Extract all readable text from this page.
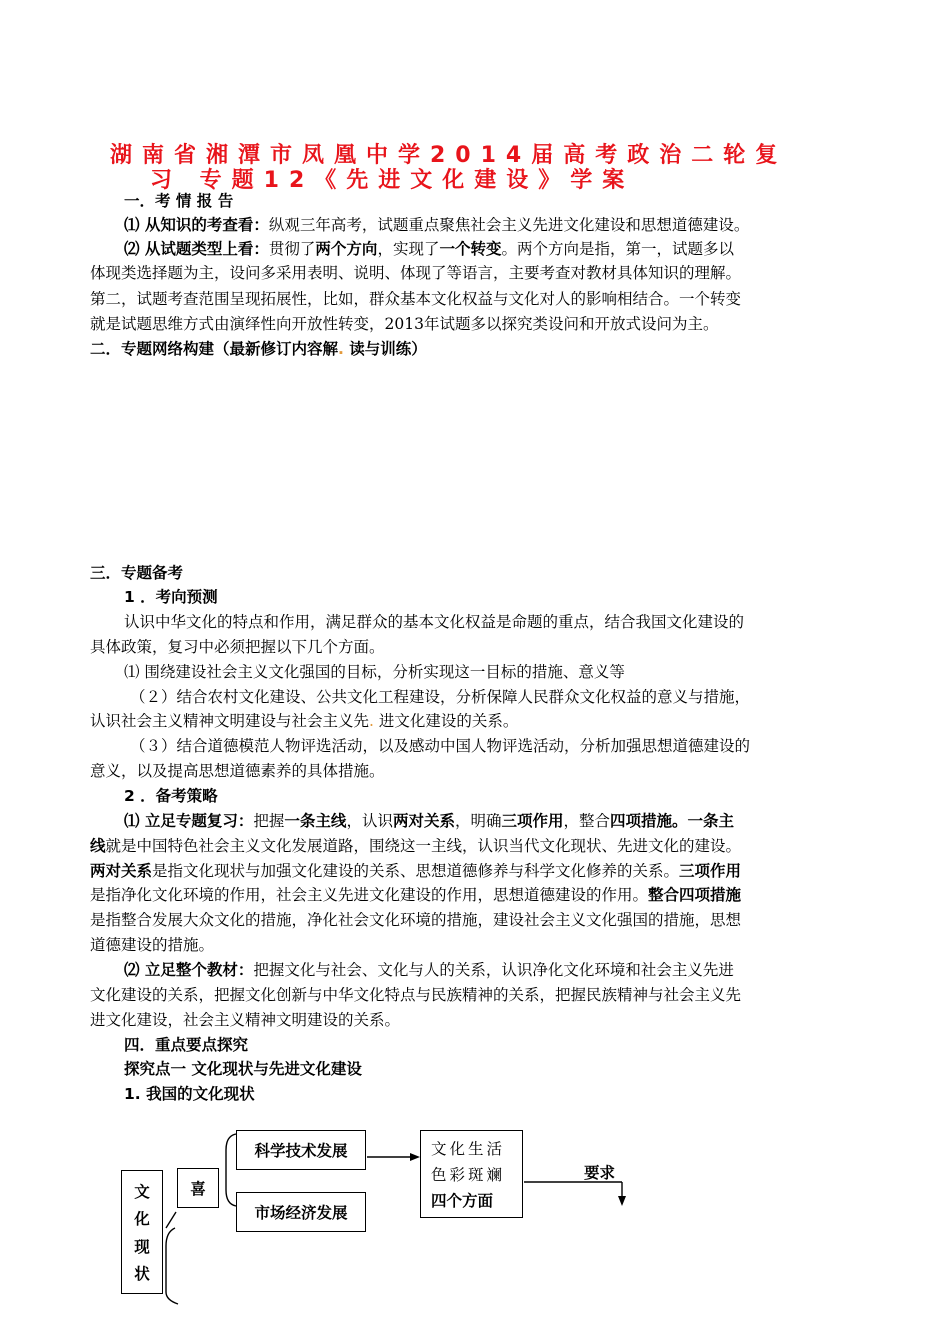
湖南省湘潭市凤凰中学2014届高考政治二轮复
习 专题12《先进文化建设》学案
一．考 情 报 告
⑴ 从知识的考查看：纵观三年高考，试题重点聚焦社会主义先进文化建设和思想道德建设。
⑵ 从试题类型上看：贯彻了两个方向，实现了一个转变。两个方向是指，第一，试题多以
体现类选择题为主，设问多采用表明、说明、体现了等语言，主要考查对教材具体知识的理解。
第二，试题考查范围呈现拓展性，比如，群众基本文化权益与文化对人的影响相结合。一个转变
就是试题思维方式由演绎性向开放性转变，2013年试题多以探究类设问和开放式设问为主。
二．专题网络构建（最新修订内容解. 读与训练）
三．专题备考
1 ．考向预测
认识中华文化的特点和作用，满足群众的基本文化权益是命题的重点，结合我国文化建设的
具体政策，复习中必须把握以下几个方面。
⑴ 围绕建设社会主义文化强国的目标，分析实现这一目标的措施、意义等
（２）结合农村文化建设、公共文化工程建设，分析保障人民群众文化权益的意义与措施，
认识社会主义精神文明建设与社会主义先. 进文化建设的关系。
（３）结合道德模范人物评选活动，以及感动中国人物评选活动，分析加强思想道德建设的
意义，以及提高思想道德素养的具体措施。
2 ．备考策略
⑴ 立足专题复习：把握一条主线，认识两对关系，明确三项作用，整合四项措施。一条主
线就是中国特色社会主义文化发展道路，围绕这一主线，认识当代文化现状、先进文化的建设。
两对关系是指文化现状与加强文化建设的关系、思想道德修养与科学文化修养的关系。三项作用
是指净化文化环境的作用，社会主义先进文化建设的作用，思想道德建设的作用。整合四项措施
是指整合发展大众文化的措施，净化社会文化环境的措施，建设社会主义文化强国的措施，思想
道德建设的措施。
⑵ 立足整个教材：把握文化与社会、文化与人的关系，认识净化文化环境和社会主义先进
文化建设的关系，把握文化创新与中华文化特点与民族精神的关系，把握民族精神与社会主义先
进文化建设，社会主义精神文明建设的关系。
四．重点要点探究
探究点一 文化现状与先进文化建设
1. 我国的文化现状
文
化
现
状
喜
科学技术发展
市场经济发展
文化生活
色彩斑斓
四个方面
要求
